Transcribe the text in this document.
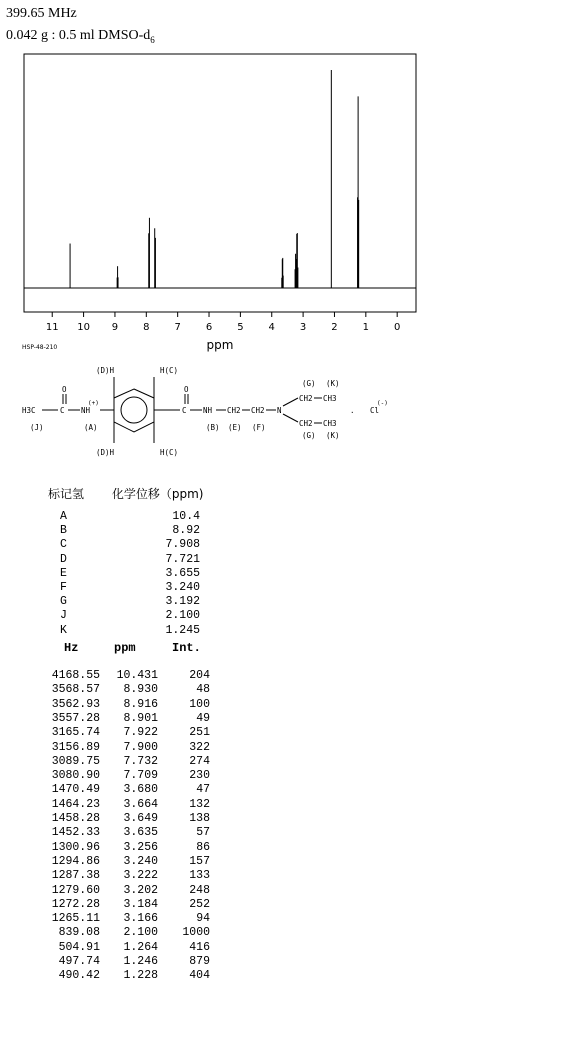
399.65 MHz
0.042 g : 0.5 ml DMSO-$d_6$
11 10 9 8 7 6 5 4 3 2 1 0
ppm
HSP-48-210
(D)H	H(C)
(D)H	H(C)
H3C	C
O
NH
(+)
(J)	(A)
C
O
NH CH2 CH2 N
(B) (E) (F)
CH2 CH3
CH2 CH3
(G) (K)
(G) (K)
. Cl
(-)
标记氢 化学位移（ppm)
A	10.4
B	8.92
C	7.908
D	7.721
E	3.655
F	3.240
G	3.192
J	2.100
K	1.245
Hz	ppm	Int.
4168.55 10.431	204
3568.57 8.930	48
3562.93 8.916	100
3557.28 8.901	49
3165.74 7.922	251
3156.89 7.900	322
3089.75 7.732	274
3080.90 7.709	230
1470.49 3.680	47
1464.23 3.664	132
1458.28 3.649	138
1452.33 3.635	57
1300.96 3.256	86
1294.86 3.240	157
1287.38 3.222	133
1279.60 3.202	248
1272.28 3.184	252
1265.11 3.166	94
839.08 2.100 1000
504.91 1.264	416
497.74 1.246	879
490.42 1.228	404
